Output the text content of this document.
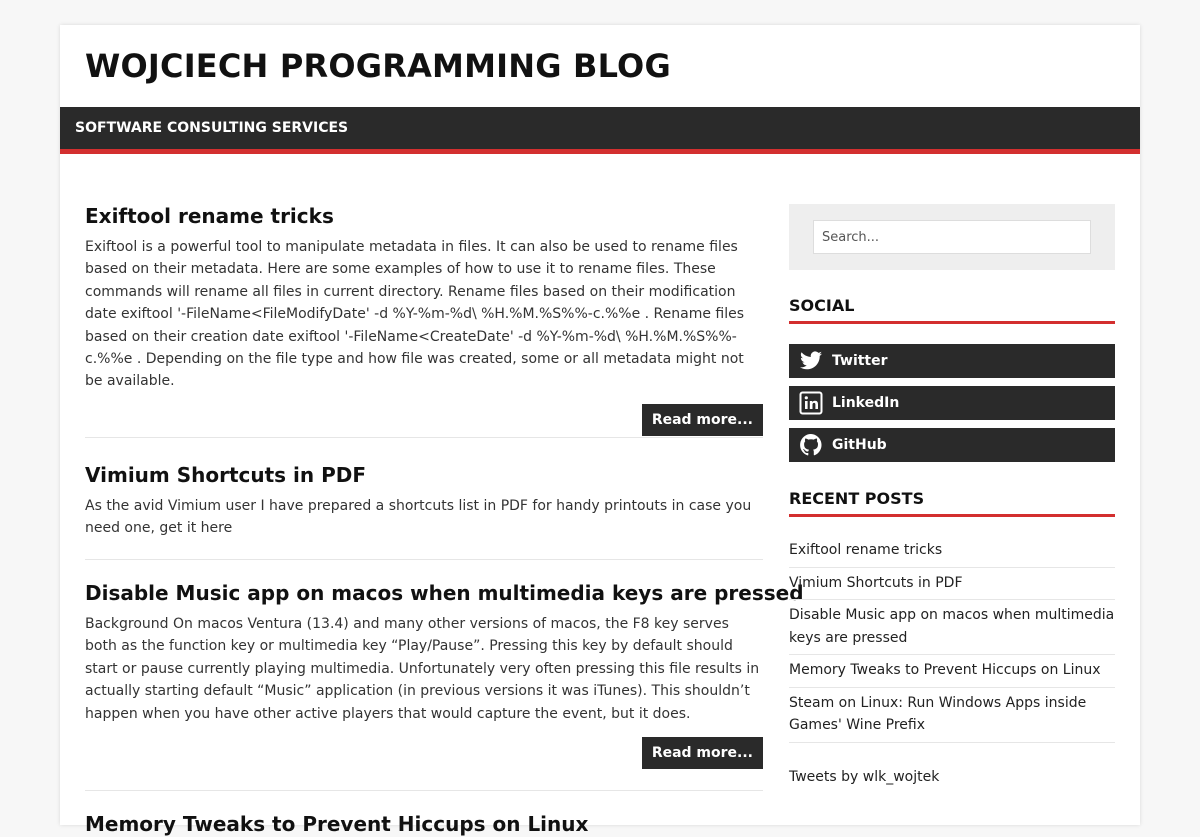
WOJCIECH PROGRAMMING BLOG
SOFTWARE CONSULTING SERVICES
Exiftool rename tricks
Exiftool is a powerful tool to manipulate metadata in files. It can also be used to rename files based on their metadata. Here are some examples of how to use it to rename files. These commands will rename all files in current directory. Rename files based on their modification date exiftool '-FileName<FileModifyDate' -d %Y-%m-%d\ %H.%M.%S%%-c.%%e . Rename files based on their creation date exiftool '-FileName<CreateDate' -d %Y-%m-%d\ %H.%M.%S%%-c.%%e . Depending on the file type and how file was created, some or all metadata might not be available.
Read more...
Vimium Shortcuts in PDF
As the avid Vimium user I have prepared a shortcuts list in PDF for handy printouts in case you need one, get it here
Disable Music app on macos when multimedia keys are pressed
Background On macos Ventura (13.4) and many other versions of macos, the F8 key serves both as the function key or multimedia key “Play/Pause”. Pressing this key by default should start or pause currently playing multimedia. Unfortunately very often pressing this file results in actually starting default “Music” application (in previous versions it was iTunes). This shouldn’t happen when you have other active players that would capture the event, but it does.
Read more...
Memory Tweaks to Prevent Hiccups on Linux
Search...
SOCIAL
Twitter
LinkedIn
GitHub
RECENT POSTS
Exiftool rename tricks
Vimium Shortcuts in PDF
Disable Music app on macos when multimedia keys are pressed
Memory Tweaks to Prevent Hiccups on Linux
Steam on Linux: Run Windows Apps inside Games' Wine Prefix
Tweets by wlk_wojtek
